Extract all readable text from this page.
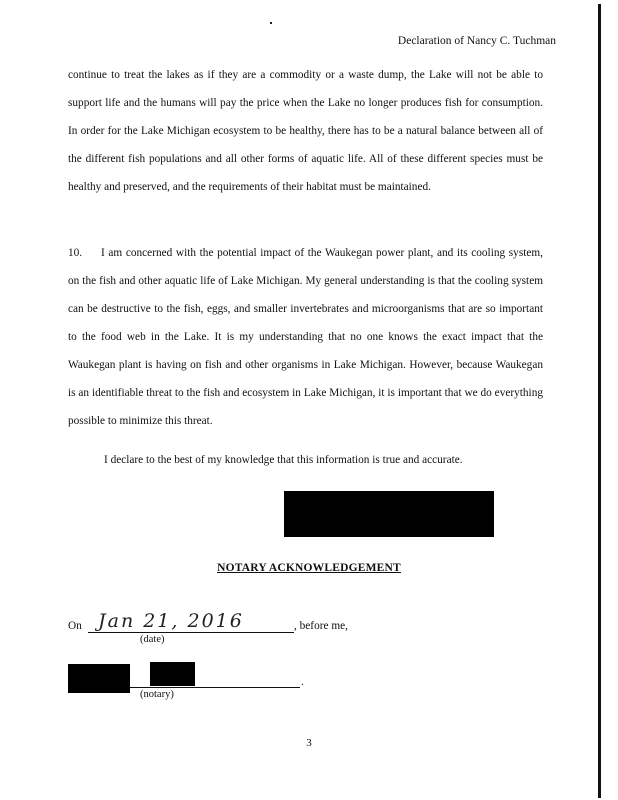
Declaration of Nancy C. Tuchman

continue to treat the lakes as if they are a commodity or a waste dump, the Lake will not be able to support life and the humans will pay the price when the Lake no longer produces fish for consumption. In order for the Lake Michigan ecosystem to be healthy, there has to be a natural balance between all of the different fish populations and all other forms of aquatic life. All of these different species must be healthy and preserved, and the requirements of their habitat must be maintained.

10. I am concerned with the potential impact of the Waukegan power plant, and its cooling system, on the fish and other aquatic life of Lake Michigan. My general understanding is that the cooling system can be destructive to the fish, eggs, and smaller invertebrates and microorganisms that are so important to the food web in the Lake. It is my understanding that no one knows the exact impact that the Waukegan plant is having on fish and other organisms in Lake Michigan. However, because Waukegan is an identifiable threat to the fish and ecosystem in Lake Michigan, it is important that we do everything possible to minimize this threat.

I declare to the best of my knowledge that this information is true and accurate.

NOTARY ACKNOWLEDGEMENT
On Jan 21, 2016	, before me,
(date)
.
(notary)
3
